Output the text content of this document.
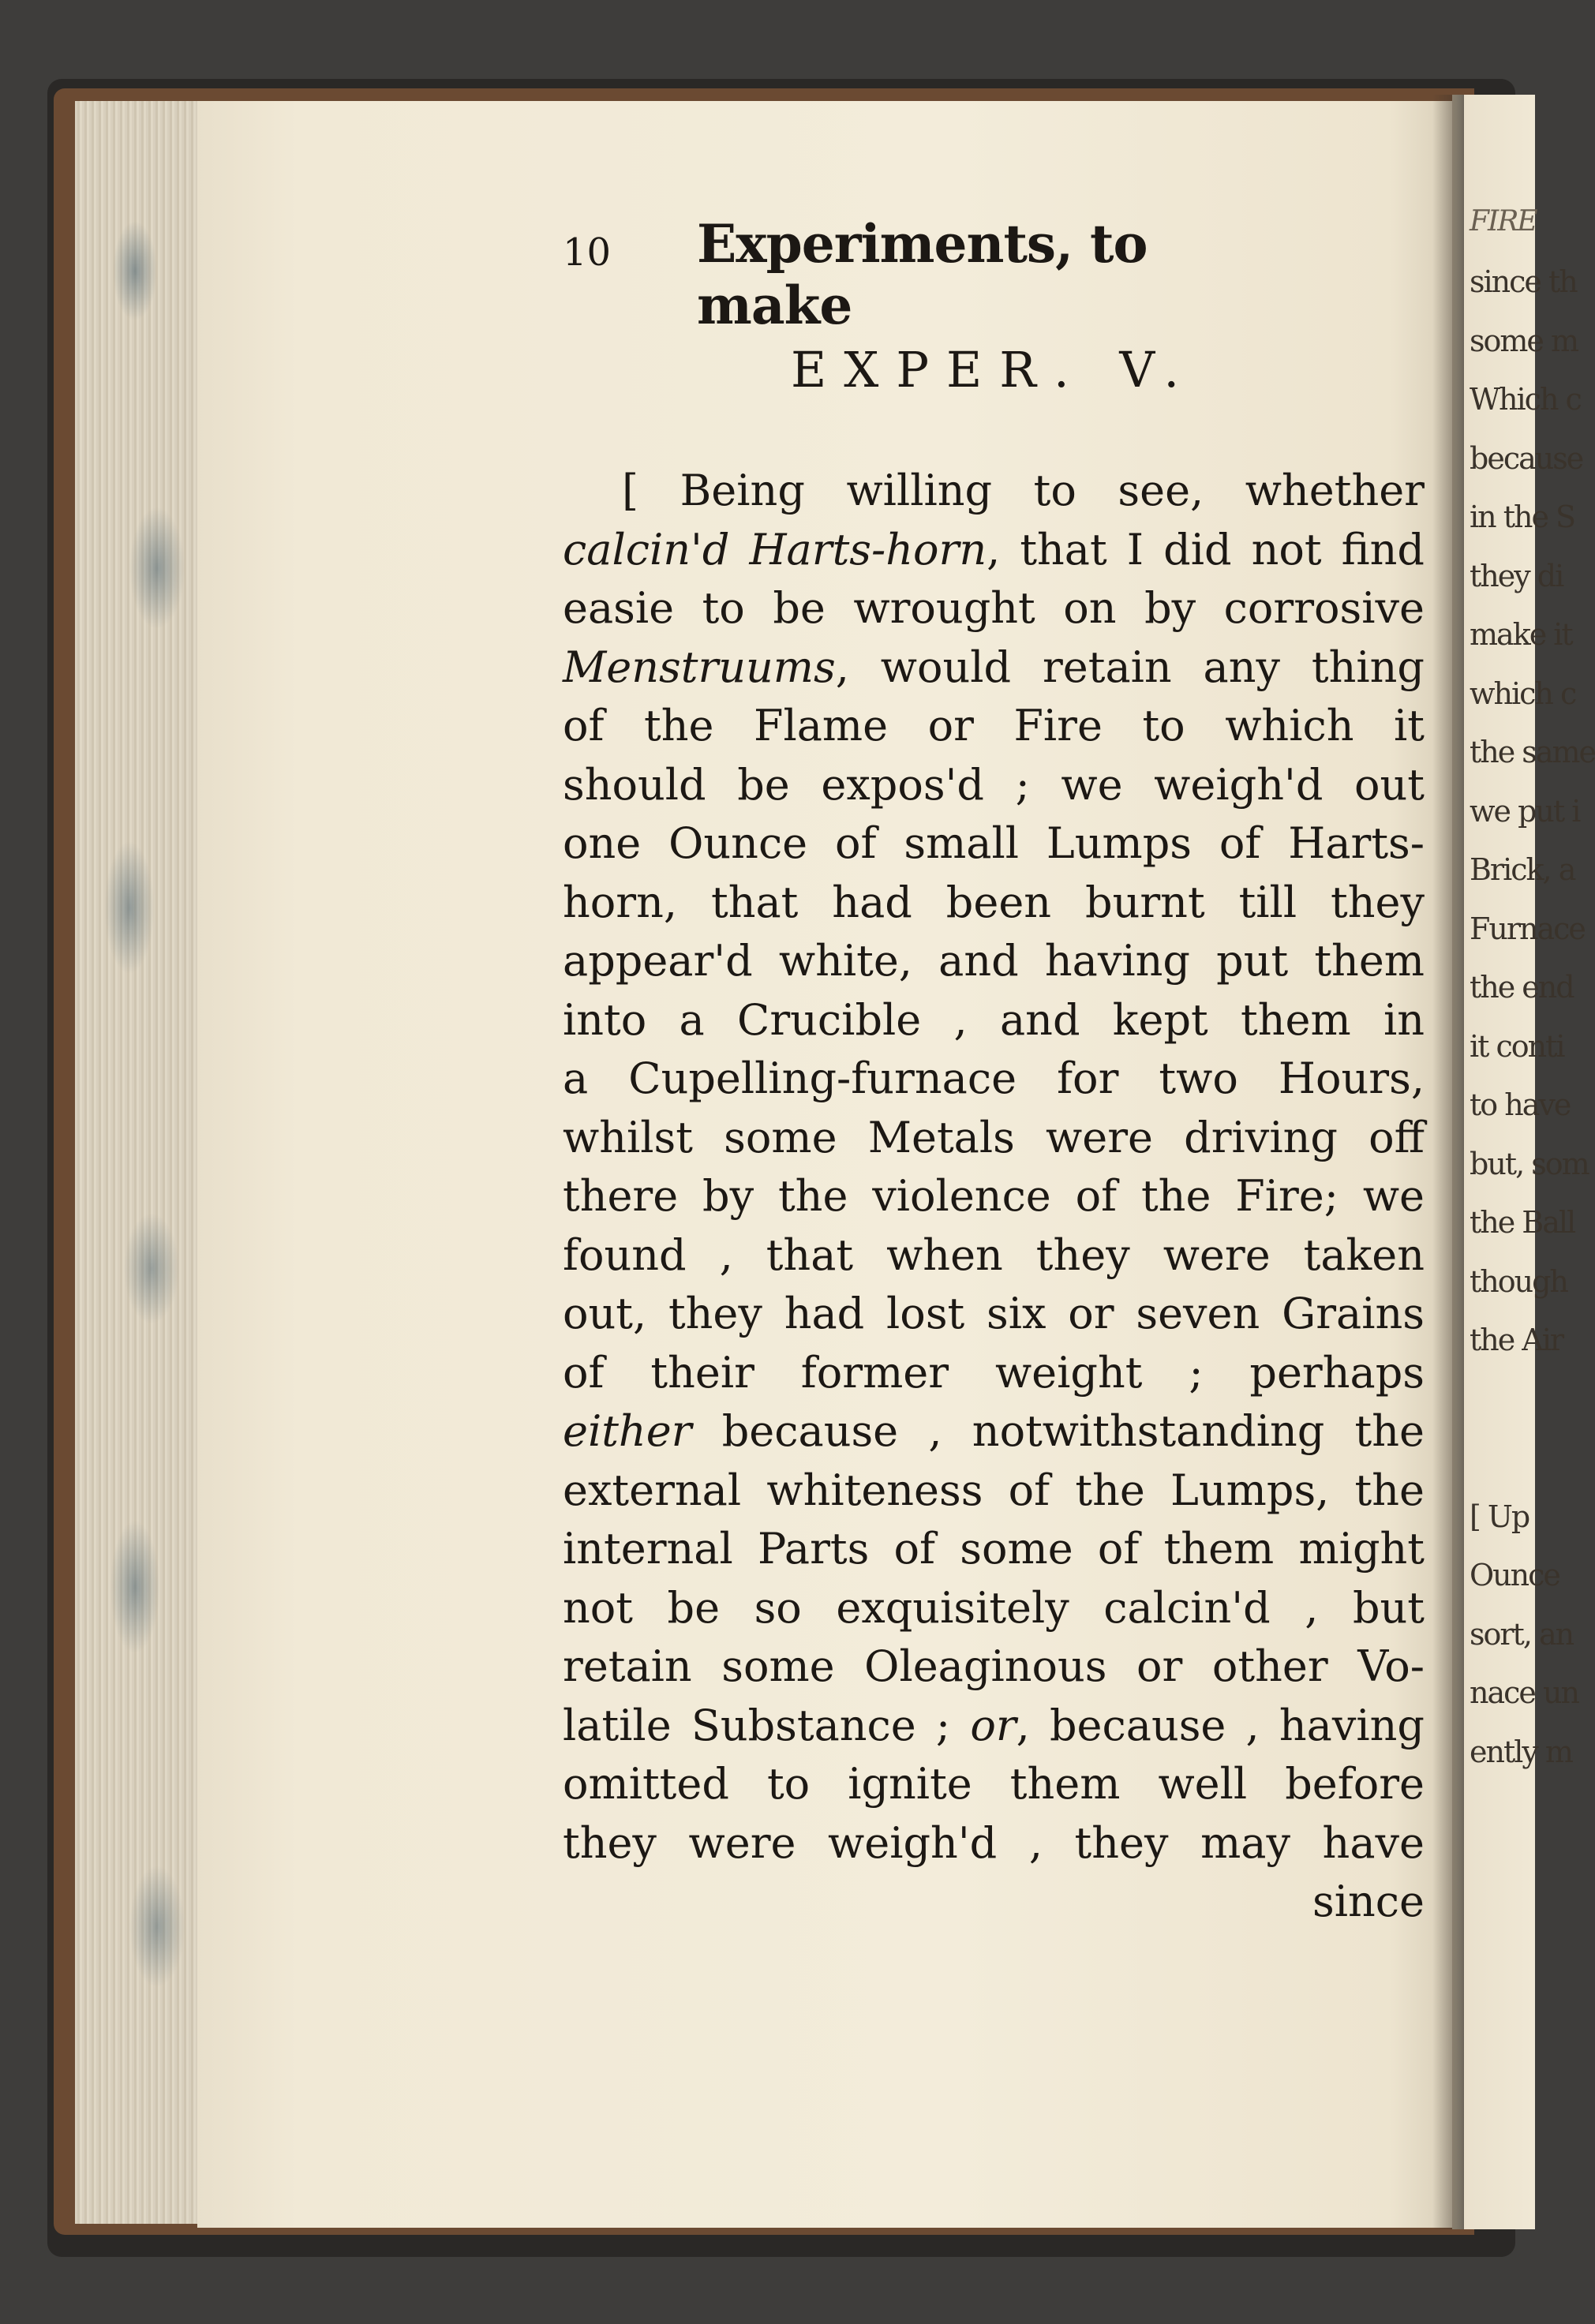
FIRE
since th
some m
Which c
because
in the S
they di
make it
which c
the same
we put i
Brick, a
Furnace
the end
it conti
to have
but, som
the Ball
though
the Air
[ Up
Ounce
sort, an
nace un
ently m
10 Experiments, to make
EXPER. V.
[ Being willing to see, whether
calcin'd Harts-horn, that I did not find
easie to be wrought on by corrosive
Menstruums, would retain any thing
of the Flame or Fire to which it
should be expos'd ; we weigh'd out
one Ounce of small Lumps of Harts-
horn, that had been burnt till they
appear'd white, and having put them
into a Crucible , and kept them in
a Cupelling-furnace for two Hours,
whilst some Metals were driving off
there by the violence of the Fire; we
found , that when they were taken
out, they had lost six or seven Grains
of their former weight ; perhaps
either because , notwithstanding the
external whiteness of the Lumps, the
internal Parts of some of them might
not be so exquisitely calcin'd , but
retain some Oleaginous or other Vo-
latile Substance ; or, because , having
omitted to ignite them well before
they were weigh'd , they may have
since
